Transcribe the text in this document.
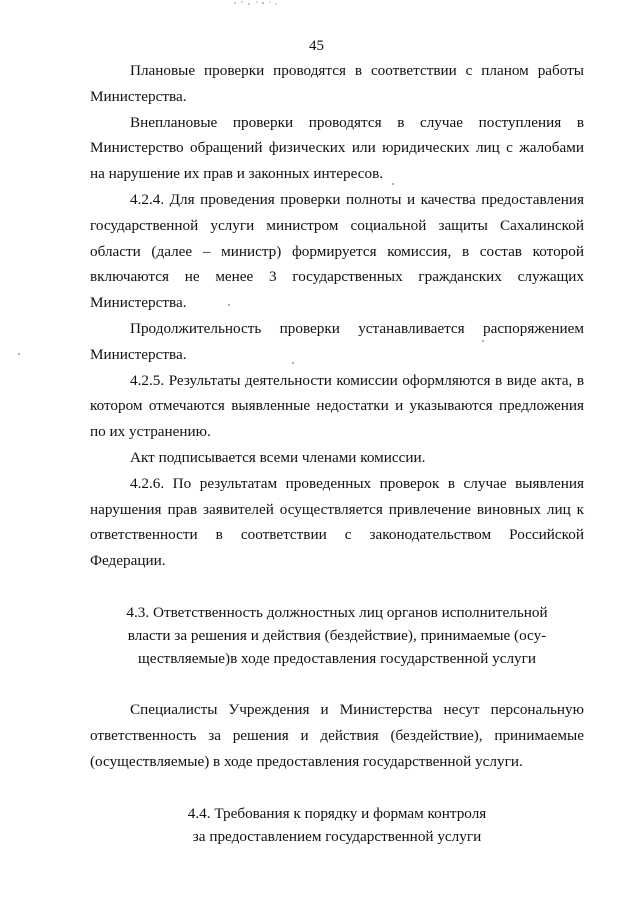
45

Плановые проверки проводятся в соответствии с планом работы Министерства.

Внеплановые проверки проводятся в случае поступления в Министерство обращений физических или юридических лиц с жалобами на нарушение их прав и законных интересов.

4.2.4. Для проведения проверки полноты и качества предоставления государственной услуги министром социальной защиты Сахалинской области (далее – министр) формируется комиссия, в состав которой включаются не менее 3 государственных гражданских служащих Министерства.

Продолжительность проверки устанавливается распоряжением Министерства.

4.2.5. Результаты деятельности комиссии оформляются в виде акта, в котором отмечаются выявленные недостатки и указываются предложения по их устранению.

Акт подписывается всеми членами комиссии.

4.2.6. По результатам проведенных проверок в случае выявления нарушения прав заявителей осуществляется привлечение виновных лиц к ответственности в соответствии с законодательством Российской Федерации.

4.3. Ответственность должностных лиц органов исполнительной
власти за решения и действия (бездействие), принимаемые (осу-
ществляемые)в ходе предоставления государственной услуги

Специалисты Учреждения и Министерства несут персональную ответственность за решения и действия (бездействие), принимаемые (осуществляемые) в ходе предоставления государственной услуги.

4.4. Требования к порядку и формам контроля
за предоставлением государственной услуги
